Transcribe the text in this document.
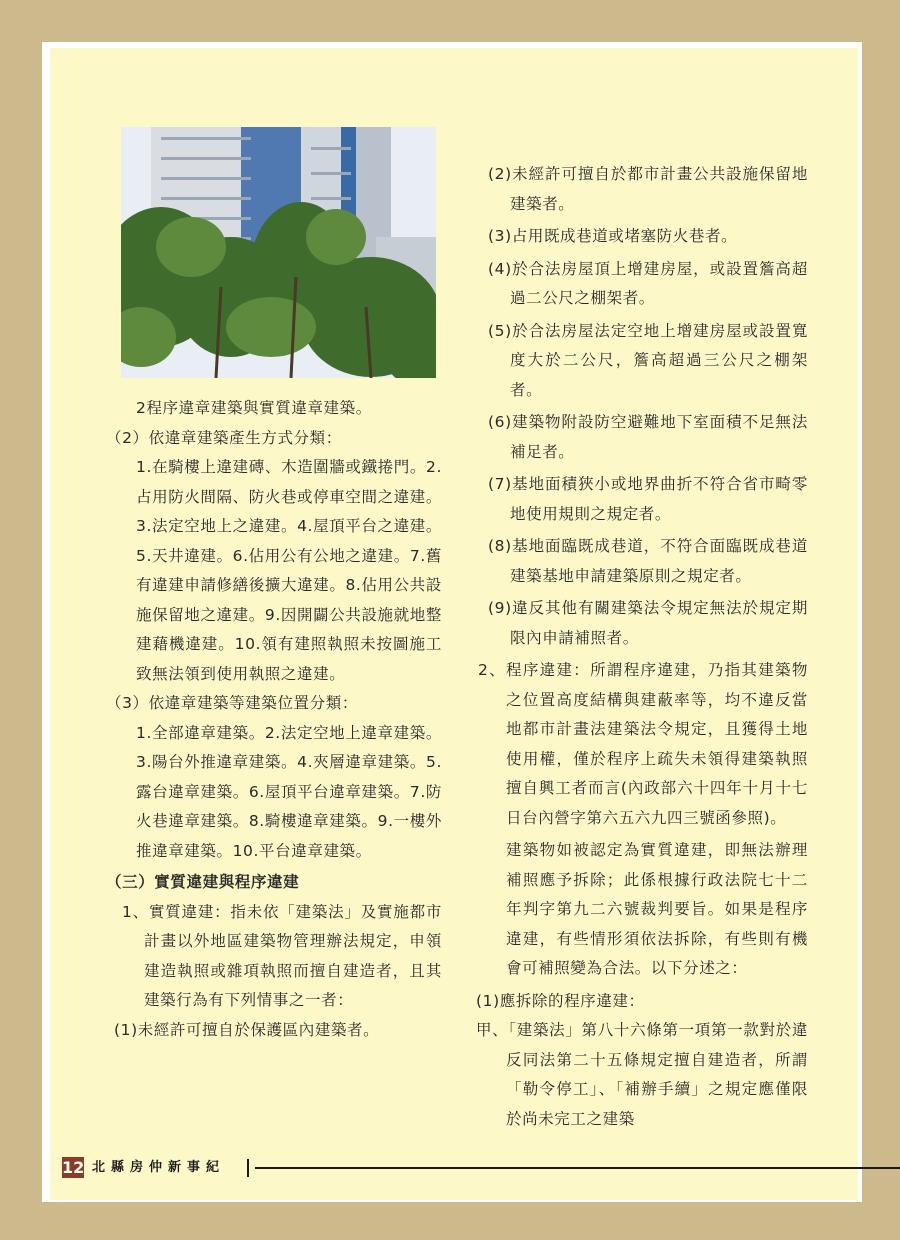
2程序違章建築與實質違章建築。

（2）依違章建築產生方式分類：

1.在騎樓上違建磚、木造圍牆或鐵捲門。2.占用防火間隔、防火巷或停車空間之違建。3.法定空地上之違建。4.屋頂平台之違建。5.天井違建。6.佔用公有公地之違建。7.舊有違建申請修繕後擴大違建。8.佔用公共設施保留地之違建。9.因開闢公共設施就地整建藉機違建。10.領有建照執照未按圖施工致無法領到使用執照之違建。

（3）依違章建築等建築位置分類：

1.全部違章建築。2.法定空地上違章建築。3.陽台外推違章建築。4.夾層違章建築。5.露台違章建築。6.屋頂平台違章建築。7.防火巷違章建築。8.騎樓違章建築。9.一樓外推違章建築。10.平台違章建築。

（三）實質違建與程序違建

1、實質違建：指未依「建築法」及實施都市計畫以外地區建築物管理辦法規定，申領建造執照或雜項執照而擅自建造者，且其建築行為有下列情事之一者：

(1)未經許可擅自於保護區內建築者。

(2)未經許可擅自於都市計畫公共設施保留地建築者。

(3)占用既成巷道或堵塞防火巷者。

(4)於合法房屋頂上增建房屋，或設置簷高超過二公尺之棚架者。

(5)於合法房屋法定空地上增建房屋或設置寬度大於二公尺，簷高超過三公尺之棚架者。

(6)建築物附設防空避難地下室面積不足無法補足者。

(7)基地面積狹小或地界曲折不符合省市畸零地使用規則之規定者。

(8)基地面臨既成巷道，不符合面臨既成巷道建築基地申請建築原則之規定者。

(9)違反其他有關建築法令規定無法於規定期限內申請補照者。

2、程序違建：所謂程序違建，乃指其建築物之位置高度結構與建蔽率等，均不違反當地都市計畫法建築法令規定，且獲得土地使用權，僅於程序上疏失未領得建築執照擅自興工者而言(內政部六十四年十月十七日台內營字第六五六九四三號函參照)。

建築物如被認定為實質違建，即無法辦理補照應予拆除；此係根據行政法院七十二年判字第九二六號裁判要旨。如果是程序違建，有些情形須依法拆除，有些則有機會可補照變為合法。以下分述之：

(1)應拆除的程序違建：

甲、「建築法」第八十六條第一項第一款對於違反同法第二十五條規定擅自建造者，所謂「勒令停工」、「補辦手續」之規定應僅限於尚未完工之建築

12 北縣房仲新事紀
